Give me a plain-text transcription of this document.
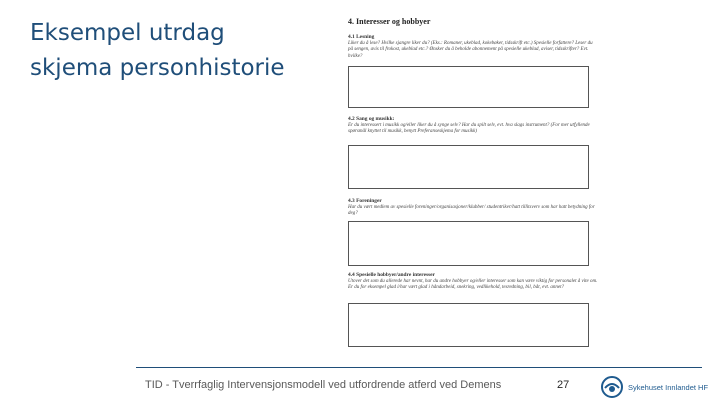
Eksempel utrdag
skjema personhistorie
4. Interesser og hobbyer
4.1 Lesning
Liker du å lese? Hvilke sjangre liker du? (Eks.: Romaner, ukeblad, kokebøker, tidsskrift etc.) Spesielle forfattere? Leser du på sengen, avis til frokost, ukeblad etc.? Ønsker du å beholde abonnement på spesielle ukeblad, aviser, tidsskrifter? Evt. hvilke?
4.2 Sang og musikk:
Er du interessert i musikk og/eller liker du å synge selv? Har du spilt selv, evt. hva slags instrument? (For mer utfyllende spørsmål knyttet til musikk, benytt Preferanseskjema for musikk)
4.3 Foreninger
Har du vært medlem av spesielle foreninger/organisasjoner/klubber/ studentriker/hatt tillitsverv som har hatt betydning for deg?
4.4 Spesielle hobbyer/andre interesser
Utover det som du allerede har nevnt, har du andre hobbyer og/eller interesser som kan være viktig for personalet å vite om. Er du for eksempel glad i/har vært glad i håndarbeid, snekring, vedlikehold, tesredning, bil, båt, evt. annet?
TID - Tverrfaglig Intervensjonsmodell ved utfordrende atferd ved Demens	27	Sykehuset Innlandet HF
